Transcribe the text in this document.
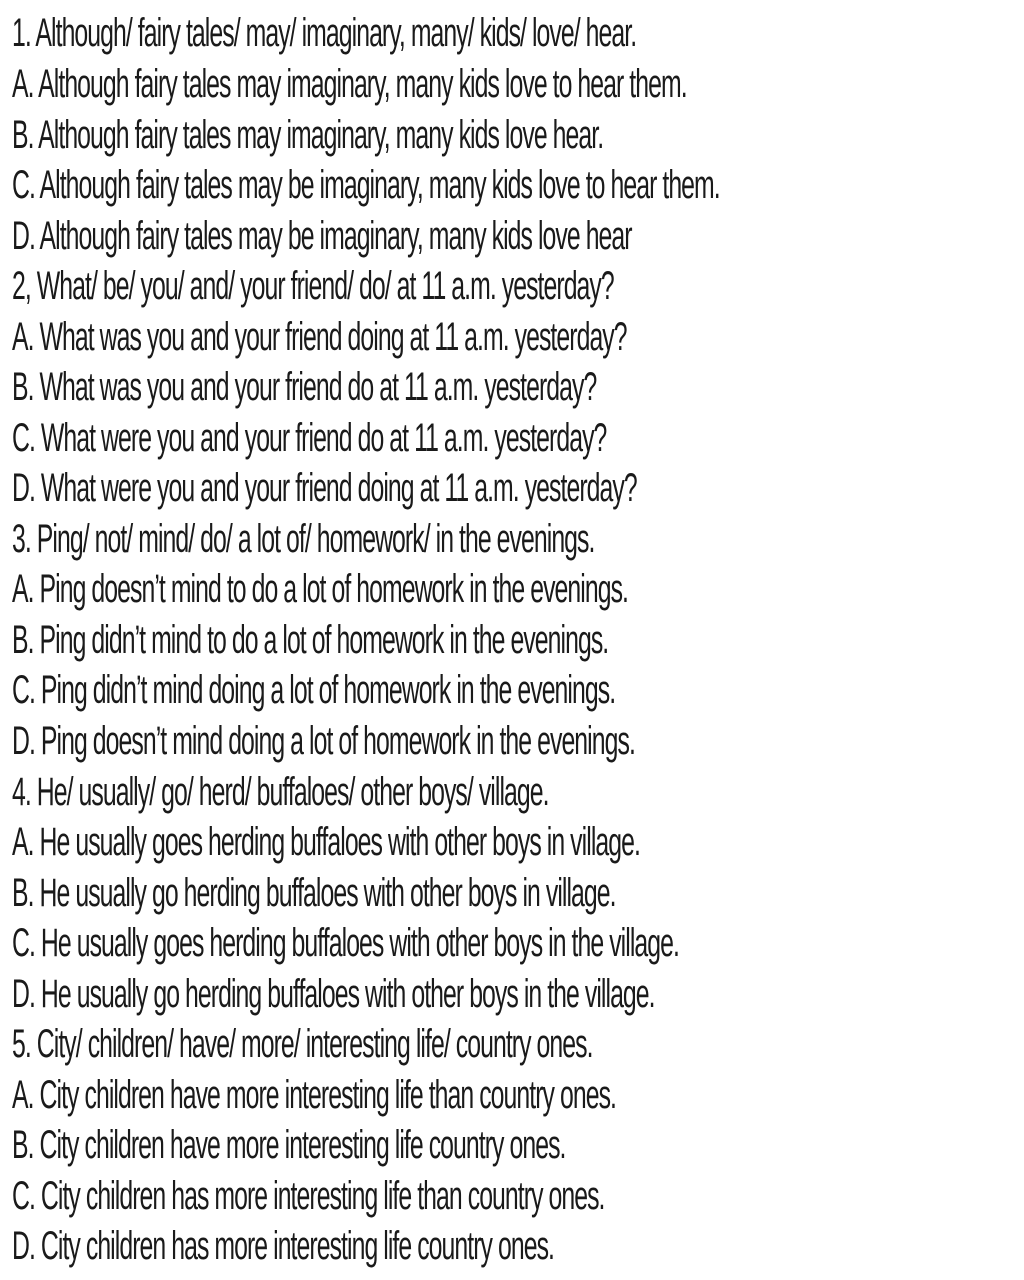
1. Although/ fairy tales/ may/ imaginary, many/ kids/ love/ hear.
A. Although fairy tales may imaginary, many kids love to hear them.
B. Although fairy tales may imaginary, many kids love hear.
C. Although fairy tales may be imaginary, many kids love to hear them.
D. Although fairy tales may be imaginary, many kids love hear
2, What/ be/ you/ and/ your friend/ do/ at 11 a.m. yesterday?
A. What was you and your friend doing at 11 a.m. yesterday?
B. What was you and your friend do at 11 a.m. yesterday?
C. What were you and your friend do at 11 a.m. yesterday?
D. What were you and your friend doing at 11 a.m. yesterday?
3. Ping/ not/ mind/ do/ a lot of/ homework/ in the evenings.
A. Ping doesn’t mind to do a lot of homework in the evenings.
B. Ping didn’t mind to do a lot of homework in the evenings.
C. Ping didn’t mind doing a lot of homework in the evenings.
D. Ping doesn’t mind doing a lot of homework in the evenings.
4. He/ usually/ go/ herd/ buffaloes/ other boys/ village.
A. He usually goes herding buffaloes with other boys in village.
B. He usually go herding buffaloes with other boys in village.
C. He usually goes herding buffaloes with other boys in the village.
D. He usually go herding buffaloes with other boys in the village.
5. City/ children/ have/ more/ interesting life/ country ones.
A. City children have more interesting life than country ones.
B. City children have more interesting life country ones.
C. City children has more interesting life than country ones.
D. City children has more interesting life country ones.
